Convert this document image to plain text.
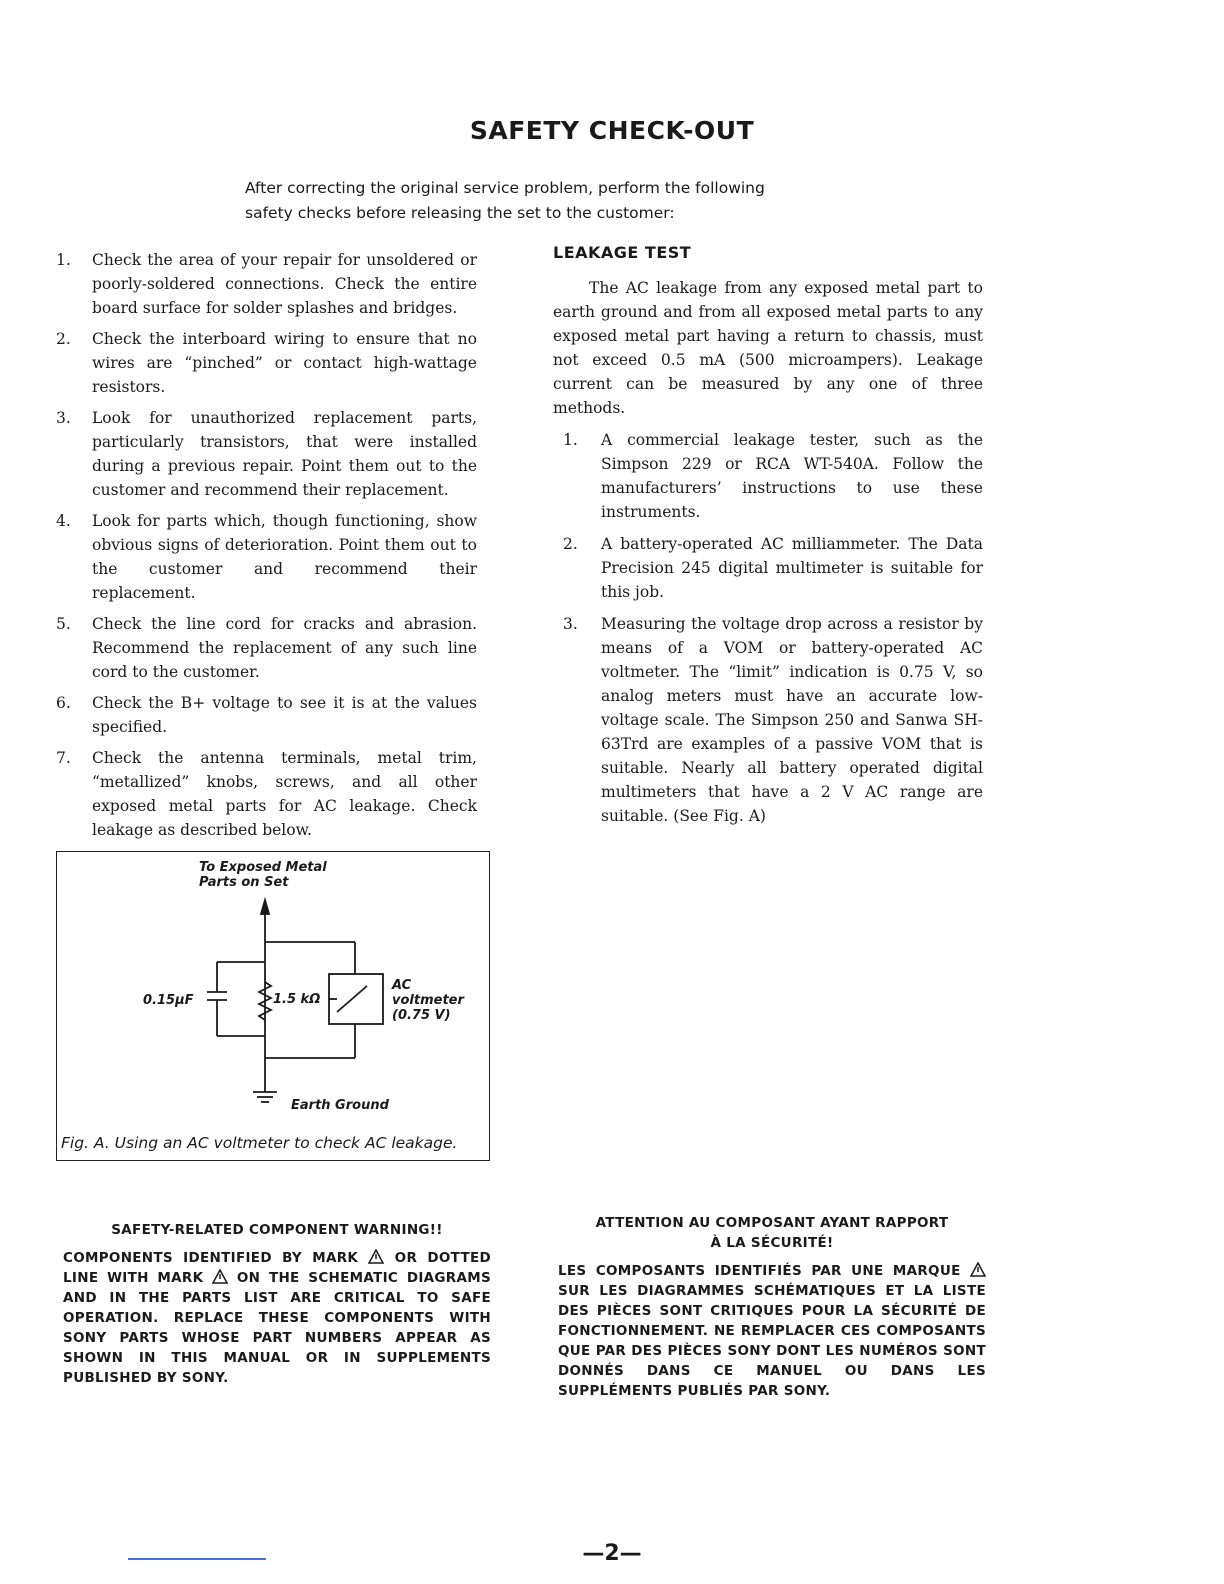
SAFETY CHECK-OUT
After correcting the original service problem, perform the following
safety checks before releasing the set to the customer:
1. Check the area of your repair for unsoldered or poorly-soldered connections. Check the entire board surface for solder splashes and bridges.
2. Check the interboard wiring to ensure that no wires are “pinched” or contact high-wattage resistors.
3. Look for unauthorized replacement parts, particularly transistors, that were installed during a previous repair. Point them out to the customer and recommend their replacement.
4. Look for parts which, though functioning, show obvious signs of deterioration. Point them out to the customer and recommend their replacement.
5. Check the line cord for cracks and abrasion. Recommend the replacement of any such line cord to the customer.
6. Check the B+ voltage to see it is at the values specified.
7. Check the antenna terminals, metal trim, “metallized” knobs, screws, and all other exposed metal parts for AC leakage. Check leakage as described below.
LEAKAGE TEST
The AC leakage from any exposed metal part to earth ground and from all exposed metal parts to any exposed metal part having a return to chassis, must not exceed 0.5 mA (500 microampers). Leakage current can be measured by any one of three methods.
1. A commercial leakage tester, such as the Simpson 229 or RCA WT-540A. Follow the manufacturers’ instructions to use these instruments.
2. A battery-operated AC milliammeter. The Data Precision 245 digital multimeter is suitable for this job.
3. Measuring the voltage drop across a resistor by means of a VOM or battery-operated AC voltmeter. The “limit” indication is 0.75 V, so analog meters must have an accurate low-voltage scale. The Simpson 250 and Sanwa SH-63Trd are examples of a passive VOM that is suitable. Nearly all battery operated digital multimeters that have a 2 V AC range are suitable. (See Fig. A)
To Exposed Metal
Parts on Set
0.15μF	1.5 kΩ
AC
voltmeter
(0.75 V)
Earth Ground
Fig. A. Using an AC voltmeter to check AC leakage.
SAFETY-RELATED COMPONENT WARNING!!
COMPONENTS IDENTIFIED BY MARK	OR DOTTED LINE WITH MARK ON THE SCHEMATIC DIAGRAMS AND IN THE PARTS LIST ARE CRITICAL TO SAFE OPERATION. REPLACE THESE COMPONENTS WITH SONY PARTS WHOSE PART NUMBERS APPEAR AS SHOWN IN THIS MANUAL OR IN SUPPLEMENTS PUBLISHED BY SONY.
ATTENTION AU COMPOSANT AYANT RAPPORT
À LA SÉCURITÉ!
LES COMPOSANTS IDENTIFIÉS PAR UNE MARQUE  SUR LES DIAGRAMMES SCHÉMATIQUES ET LA LISTE DES PIÈCES SONT CRITIQUES POUR LA SÉCURITÉ DE FONCTIONNEMENT. NE REMPLACER CES COMPOSANTS QUE PAR DES PIÈCES SONY DONT LES NUMÉROS SONT DONNÉS DANS CE MANUEL OU DANS LES SUPPLÉMENTS PUBLIÉS PAR SONY.
—2—
